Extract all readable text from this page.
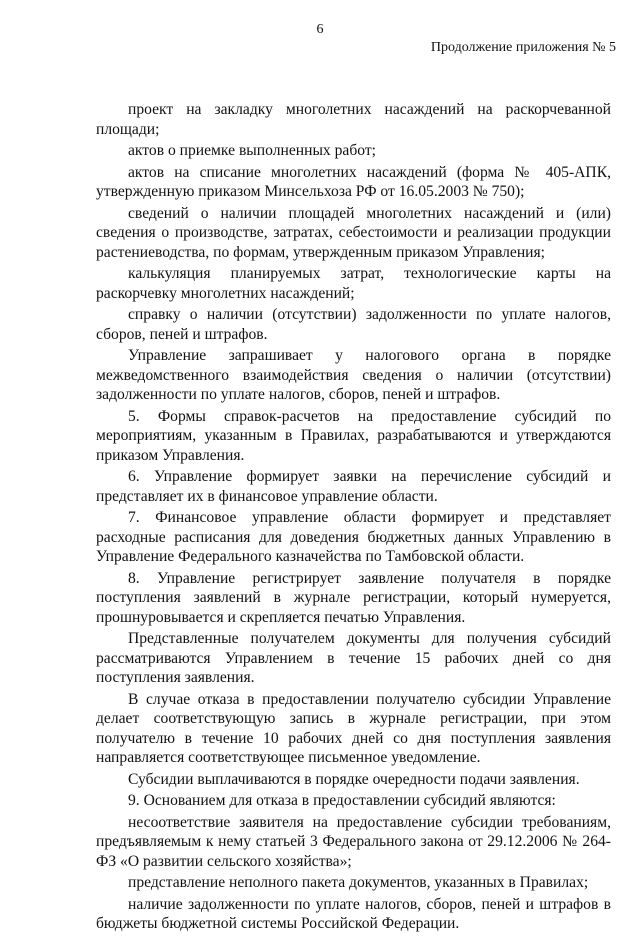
6
Продолжение приложения № 5

проект на закладку многолетних насаждений на раскорчеванной площади;

актов о приемке выполненных работ;

актов на списание многолетних насаждений (форма № 405-АПК, утвержденную приказом Минсельхоза РФ от 16.05.2003 № 750);

сведений о наличии площадей многолетних насаждений и (или) сведения о производстве, затратах, себестоимости и реализации продукции растениеводства, по формам, утвержденным приказом Управления;

калькуляция планируемых затрат, технологические карты на раскорчевку многолетних насаждений;

справку о наличии (отсутствии) задолженности по уплате налогов, сборов, пеней и штрафов.

Управление запрашивает у налогового органа в порядке межведомственного взаимодействия сведения о наличии (отсутствии) задолженности по уплате налогов, сборов, пеней и штрафов.

5. Формы справок-расчетов на предоставление субсидий по мероприятиям, указанным в Правилах, разрабатываются и утверждаются приказом Управления.

6. Управление формирует заявки на перечисление субсидий и представляет их в финансовое управление области.

7. Финансовое управление области формирует и представляет расходные расписания для доведения бюджетных данных Управлению в Управление Федерального казначейства по Тамбовской области.

8. Управление регистрирует заявление получателя в порядке поступления заявлений в журнале регистрации, который нумеруется, прошнуровывается и скрепляется печатью Управления.

Представленные получателем документы для получения субсидий рассматриваются Управлением в течение 15 рабочих дней со дня поступления заявления.

В случае отказа в предоставлении получателю субсидии Управление делает соответствующую запись в журнале регистрации, при этом получателю в течение 10 рабочих дней со дня поступления заявления направляется соответствующее письменное уведомление.

Субсидии выплачиваются в порядке очередности подачи заявления.

9. Основанием для отказа в предоставлении субсидий являются:

несоответствие заявителя на предоставление субсидии требованиям, предъявляемым к нему статьей 3 Федерального закона от 29.12.2006 № 264-ФЗ «О развитии сельского хозяйства»;

представление неполного пакета документов, указанных в Правилах;

наличие задолженности по уплате налогов, сборов, пеней и штрафов в бюджеты бюджетной системы Российской Федерации.
